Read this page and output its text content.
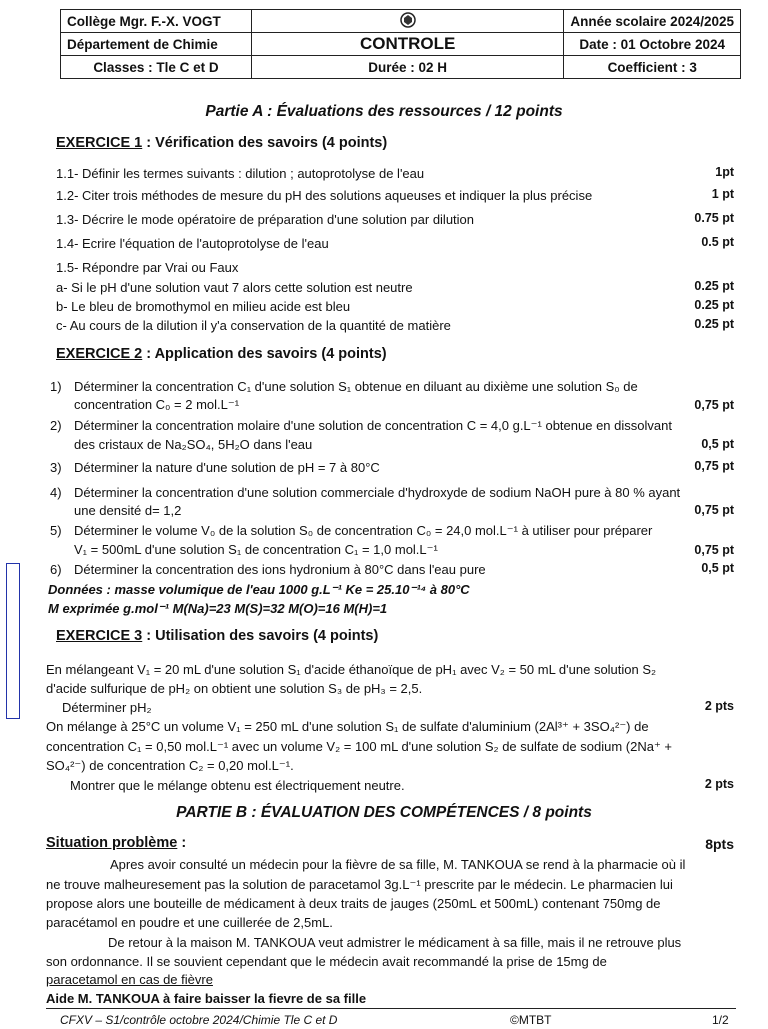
Collège Mgr. F.-X. VOGT		Année scolaire 2024/2025
Département de Chimie	CONTROLE	Date : 01 Octobre 2024
Classes : Tle C et D	Durée : 02 H	Coefficient : 3
Partie A : Évaluations des ressources / 12 points
EXERCICE 1 : Vérification des savoirs (4 points)
1.1- Définir les termes suivants : dilution ; autoprotolyse de l'eau	1pt
1.2- Citer trois méthodes de mesure du pH des solutions aqueuses et indiquer la plus précise	1 pt
1.3- Décrire le mode opératoire de préparation d'une solution par dilution	0.75 pt
1.4- Ecrire l'équation de l'autoprotolyse de l'eau	0.5 pt
1.5- Répondre par Vrai ou Faux
a- Si le pH d'une solution vaut 7 alors cette solution est neutre	0.25 pt
b- Le bleu de bromothymol en milieu acide est bleu	0.25 pt
c- Au cours de la dilution il y'a conservation de la quantité de matière	0.25 pt
EXERCICE 2 : Application des savoirs (4 points)
1) Déterminer la concentration C₁ d'une solution S₁ obtenue en diluant au dixième une solution S₀ de
concentration C₀ = 2 mol.L⁻¹	0,75 pt
2) Déterminer la concentration molaire d'une solution de concentration C = 4,0 g.L⁻¹ obtenue en dissolvant
des cristaux de Na₂SO₄, 5H₂O dans l'eau	0,5 pt
3) Déterminer la nature d'une solution de pH = 7 à 80°C	0,75 pt
4) Déterminer la concentration d'une solution commerciale d'hydroxyde de sodium NaOH pure à 80 % ayant
une densité d= 1,2	0,75 pt
5) Déterminer le volume V₀ de la solution S₀ de concentration C₀ = 24,0 mol.L⁻¹ à utiliser pour préparer
V₁ = 500mL d'une solution S₁ de concentration C₁ = 1,0 mol.L⁻¹	0,75 pt
6) Déterminer la concentration des ions hydronium à 80°C dans l'eau pure	0,5 pt
Données : masse volumique de l'eau 1000 g.L⁻¹ Ke = 25.10⁻¹⁴ à 80°C
M exprimée g.mol⁻¹ M(Na)=23 M(S)=32 M(O)=16 M(H)=1
EXERCICE 3 : Utilisation des savoirs (4 points)
En mélangeant V₁ = 20 mL d'une solution S₁ d'acide éthanoïque de pH₁ avec V₂ = 50 mL d'une solution S₂
d'acide sulfurique de pH₂ on obtient une solution S₃ de pH₃ = 2,5.
Déterminer pH₂	2 pts
On mélange à 25°C un volume V₁ = 250 mL d'une solution S₁ de sulfate d'aluminium (2Al³⁺ + 3SO₄²⁻) de
concentration C₁ = 0,50 mol.L⁻¹ avec un volume V₂ = 100 mL d'une solution S₂ de sulfate de sodium (2Na⁺ +
SO₄²⁻) de concentration C₂ = 0,20 mol.L⁻¹.
Montrer que le mélange obtenu est électriquement neutre.	2 pts
PARTIE B : ÉVALUATION DES COMPÉTENCES / 8 points
Situation problème :	8pts
Apres avoir consulté un médecin pour la fièvre de sa fille, M. TANKOUA se rend à la pharmacie où il
ne trouve malheuresement pas la solution de paracetamol 3g.L⁻¹ prescrite par le médecin. Le pharmacien lui
propose alors une bouteille de médicament à deux traits de jauges (250mL et 500mL) contenant 750mg de
paracétamol en poudre et une cuillerée de 2,5mL.
De retour à la maison M. TANKOUA veut admistrer le médicament à sa fille, mais il ne retrouve plus
son ordonnance. Il se souvient cependant que le médecin avait recommandé la prise de 15mg de
paracetamol en cas de fièvre
Aide M. TANKOUA à faire baisser la fievre de sa fille
CFXV – S1/contrôle octobre 2024/Chimie Tle C et D	©MTBT	1/2
